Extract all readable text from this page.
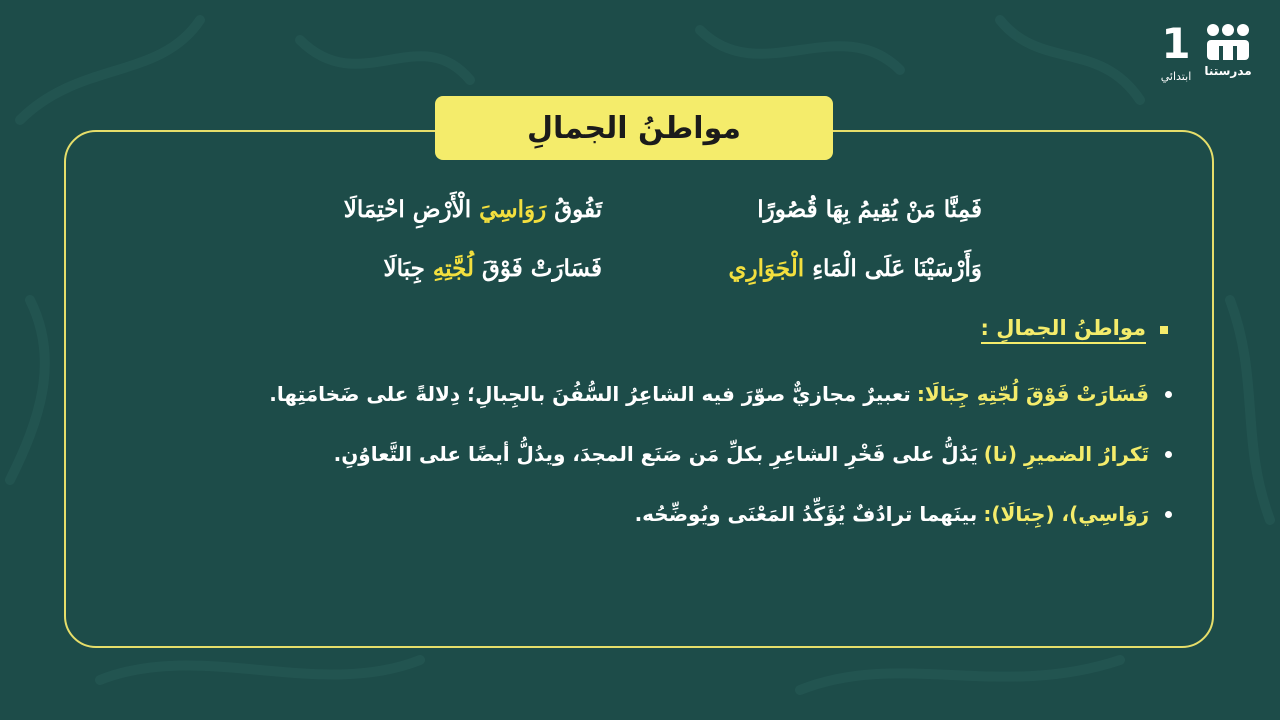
1
ابتدائي	مدرستنا
مواطنُ الجمالِ
فَمِنَّا مَنْ يُقِيمُ بِهَا قُصُورًا
تَفُوقُ رَوَاسِيَ الْأَرْضِ احْتِمَالَا
وَأَرْسَيْنَا عَلَى الْمَاءِ الْجَوَارِي
فَسَارَتْ فَوْقَ لُجَّتِهِ جِبَالَا
مواطنُ الجمالِ :
فَسَارَتْ فَوْقَ لُجّتِهِ جِبَالَا:
تعبيرٌ مجازيٌّ صوّرَ فيه الشاعِرُ السُّفُنَ بالجِبالِ؛ دِلالةً على ضَخامَتِها.
تَكرارُ الضميرِ (نا)
يَدُلُّ على فَخْرِ الشاعِرِ بكلِّ مَن صَنَع المجدَ، ويدُلُّ أيضًا على التَّعاوُنِ.
رَوَاسِي)، (جِبَالَا):
بينَهما ترادُفٌ يُؤَكِّدُ المَعْنَى ويُوضِّحُه.
